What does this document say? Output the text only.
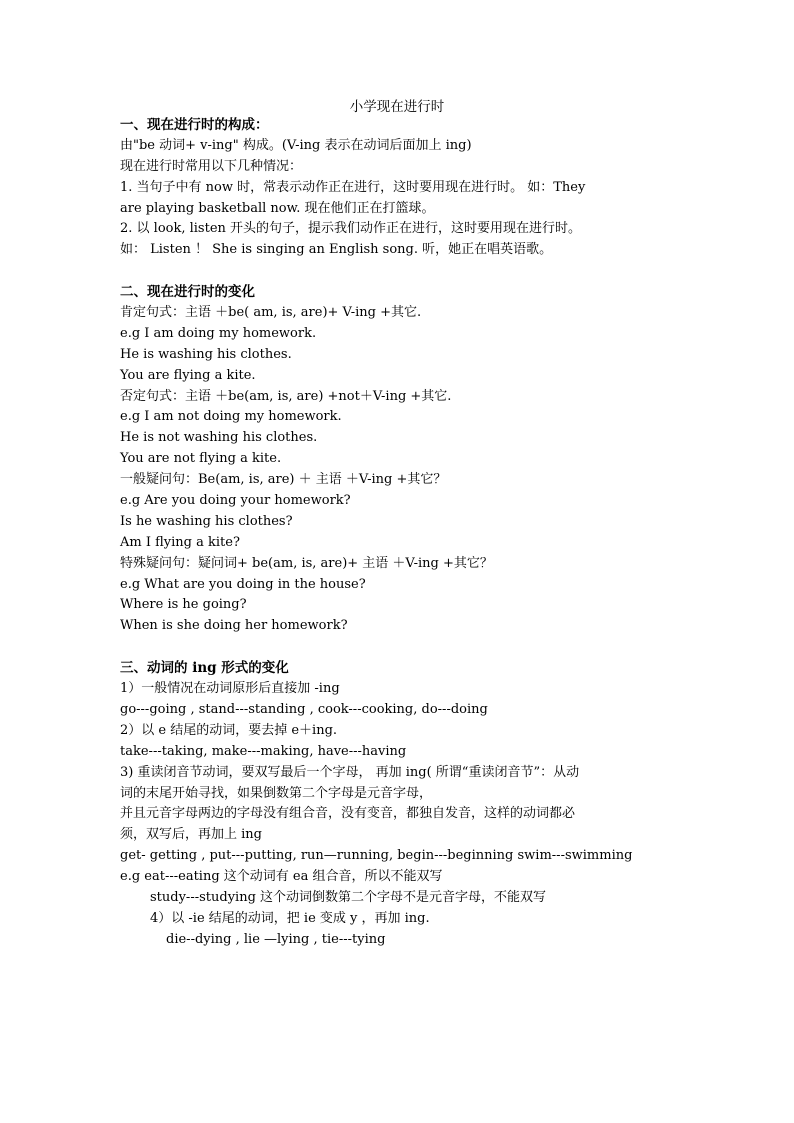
小学现在进行时
一、现在进行时的构成：
由"be 动词+ v-ing" 构成。(V-ing 表示在动词后面加上 ing)
现在进行时常用以下几种情况：
1. 当句子中有 now 时，常表示动作正在进行，这时要用现在进行时。 如：They
are playing basketball now. 现在他们正在打篮球。
2. 以 look, listen 开头的句子，提示我们动作正在进行，这时要用现在进行时。
如： Listen ！ She is singing an English song. 听，她正在唱英语歌。
二、现在进行时的变化
肯定句式：主语 ＋be( am, is, are)+ V-ing +其它.
e.g I am doing my homework.
He is washing his clothes.
You are flying a kite.
否定句式：主语 ＋be(am, is, are) +not＋V-ing +其它.
e.g I am not doing my homework.
He is not washing his clothes.
You are not flying a kite.
一般疑问句：Be(am, is, are) ＋ 主语 ＋V-ing +其它？
e.g Are you doing your homework?
Is he washing his clothes?
Am I flying a kite?
特殊疑问句：疑问词+ be(am, is, are)+ 主语 ＋V-ing +其它？
e.g What are you doing in the house?
Where is he going?
When is she doing her homework?
三、动词的 ing 形式的变化
1）一般情况在动词原形后直接加 -ing
go---going , stand---standing , cook---cooking, do---doing
2）以 e 结尾的动词，要去掉 e＋ing.
take---taking, make---making, have---having
3) 重读闭音节动词，要双写最后一个字母， 再加 ing( 所谓“重读闭音节”：从动
词的末尾开始寻找，如果倒数第二个字母是元音字母，
并且元音字母两边的字母没有组合音，没有变音，都独自发音，这样的动词都必
须，双写后，再加上 ing
get- getting , put---putting, run—running, begin---beginning swim---swimming
e.g eat---eating 这个动词有 ea 组合音，所以不能双写
study---studying 这个动词倒数第二个字母不是元音字母，不能双写
4）以 -ie 结尾的动词，把 ie 变成 y ，再加 ing.
die--dying , lie —lying , tie---tying
